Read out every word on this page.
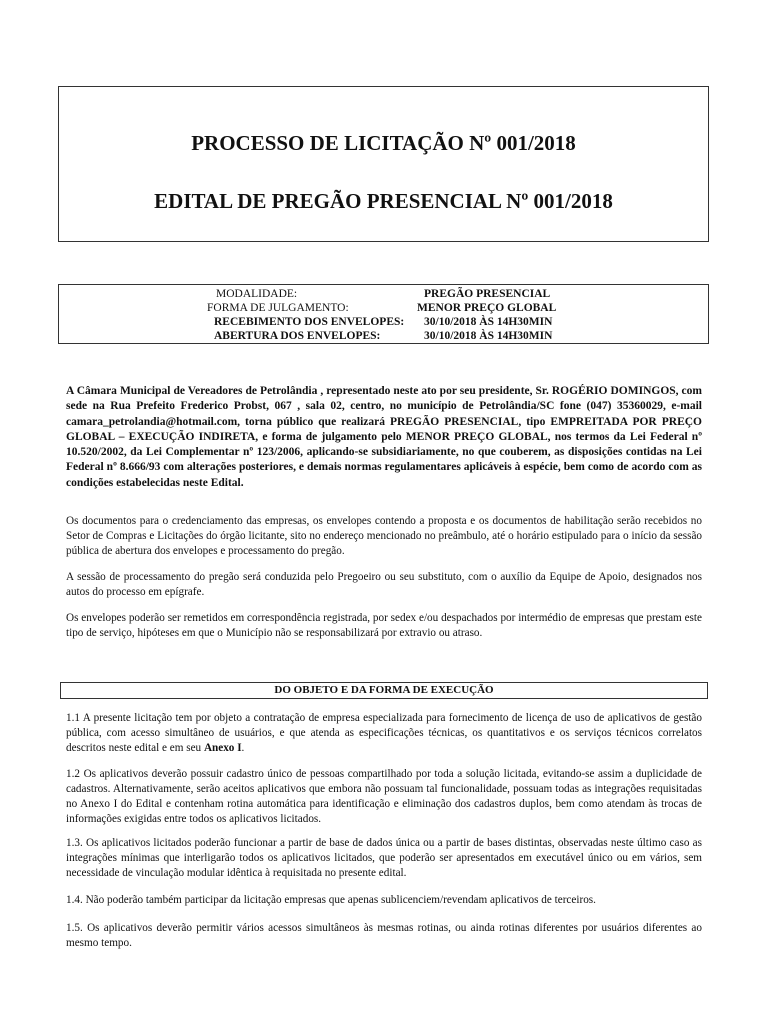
PROCESSO DE LICITAÇÃO Nº 001/2018
EDITAL DE PREGÃO PRESENCIAL Nº 001/2018
MODALIDADE:	PREGÃO PRESENCIAL
FORMA DE JULGAMENTO:	MENOR PREÇO GLOBAL
RECEBIMENTO DOS ENVELOPES: 30/10/2018 ÀS 14H30MIN
ABERTURA DOS ENVELOPES:	30/10/2018 ÀS 14H30MIN
A Câmara Municipal de Vereadores de Petrolândia , representado neste ato por seu presidente, Sr. ROGÉRIO DOMINGOS, com sede na Rua Prefeito Frederico Probst, 067 , sala 02, centro, no município de Petrolândia/SC fone (047) 35360029, e-mail camara_petrolandia@hotmail.com, torna público que realizará PREGÃO PRESENCIAL, tipo EMPREITADA POR PREÇO GLOBAL – EXECUÇÃO INDIRETA, e forma de julgamento pelo MENOR PREÇO GLOBAL, nos termos da Lei Federal nº 10.520/2002, da Lei Complementar nº 123/2006, aplicando-se subsidiariamente, no que couberem, as disposições contidas na Lei Federal nº 8.666/93 com alterações posteriores, e demais normas regulamentares aplicáveis à espécie, bem como de acordo com as condições estabelecidas neste Edital.
Os documentos para o credenciamento das empresas, os envelopes contendo a proposta e os documentos de habilitação serão recebidos no Setor de Compras e Licitações do órgão licitante, sito no endereço mencionado no preâmbulo, até o horário estipulado para o início da sessão pública de abertura dos envelopes e processamento do pregão.
A sessão de processamento do pregão será conduzida pelo Pregoeiro ou seu substituto, com o auxílio da Equipe de Apoio, designados nos autos do processo em epígrafe.
Os envelopes poderão ser remetidos em correspondência registrada, por sedex e/ou despachados por intermédio de empresas que prestam este tipo de serviço, hipóteses em que o Município não se responsabilizará por extravio ou atraso.
DO OBJETO E DA FORMA DE EXECUÇÃO
1.1 A presente licitação tem por objeto a contratação de empresa especializada para fornecimento de licença de uso de aplicativos de gestão pública, com acesso simultâneo de usuários, e que atenda as especificações técnicas, os quantitativos e os serviços técnicos correlatos descritos neste edital e em seu Anexo I.
1.2 Os aplicativos deverão possuir cadastro único de pessoas compartilhado por toda a solução licitada, evitando-se assim a duplicidade de cadastros. Alternativamente, serão aceitos aplicativos que embora não possuam tal funcionalidade, possuam todas as integrações requisitadas no Anexo I do Edital e contenham rotina automática para identificação e eliminação dos cadastros duplos, bem como atendam às trocas de informações exigidas entre todos os aplicativos licitados.
1.3. Os aplicativos licitados poderão funcionar a partir de base de dados única ou a partir de bases distintas, observadas neste último caso as integrações mínimas que interligarão todos os aplicativos licitados, que poderão ser apresentados em executável único ou em vários, sem necessidade de vinculação modular idêntica à requisitada no presente edital.
1.4. Não poderão também participar da licitação empresas que apenas sublicenciem/revendam aplicativos de terceiros.
1.5. Os aplicativos deverão permitir vários acessos simultâneos às mesmas rotinas, ou ainda rotinas diferentes por usuários diferentes ao mesmo tempo.
